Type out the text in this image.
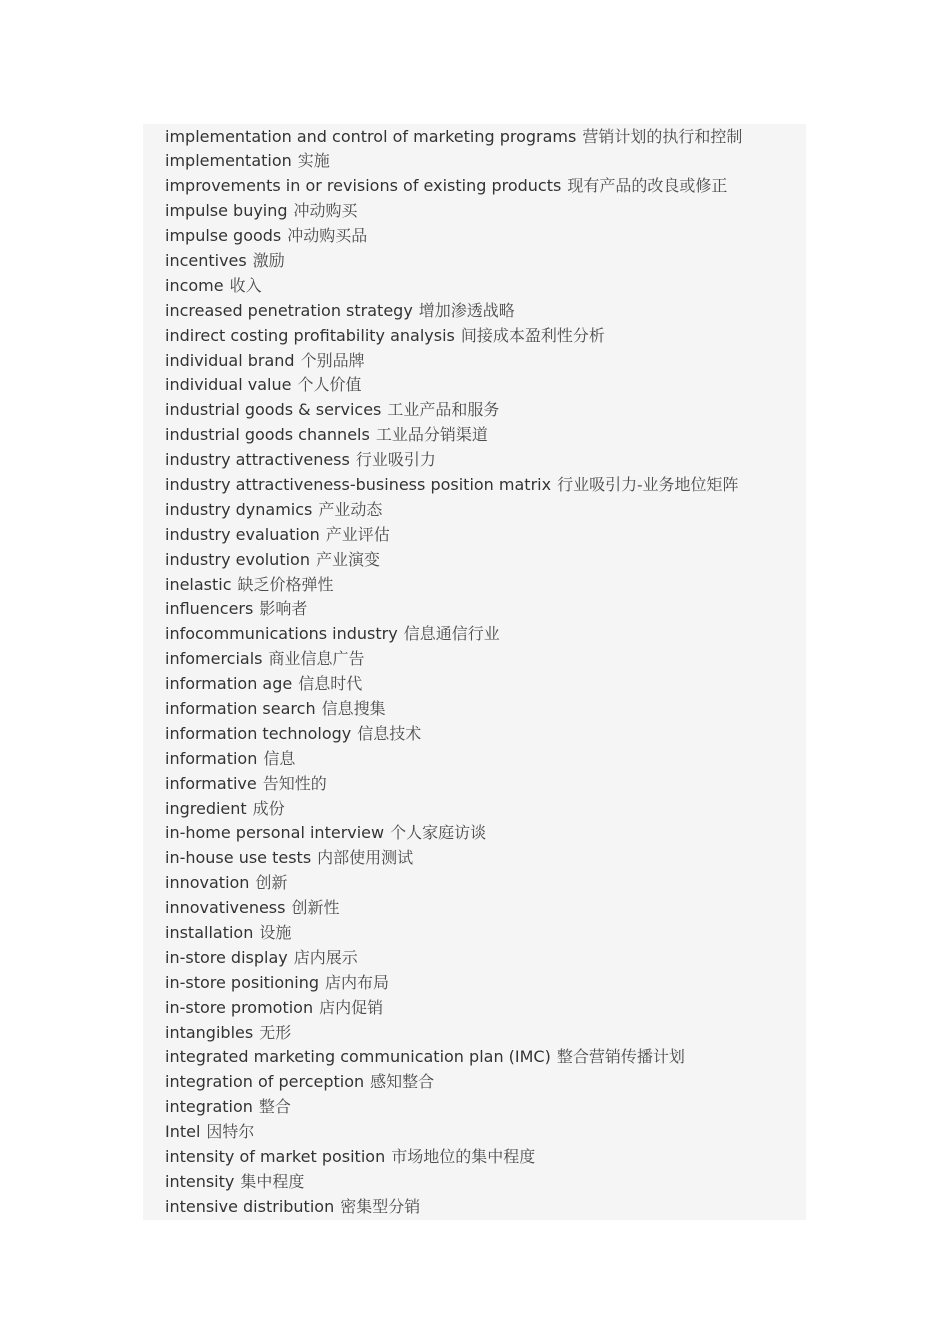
implementation and control of marketing programs 营销计划的执行和控制
implementation 实施
improvements in or revisions of existing products 现有产品的改良或修正
impulse buying 冲动购买
impulse goods 冲动购买品
incentives 激励
income 收入
increased penetration strategy 增加渗透战略
indirect costing profitability analysis 间接成本盈利性分析
individual brand 个别品牌
individual value 个人价值
industrial goods & services 工业产品和服务
industrial goods channels 工业品分销渠道
industry attractiveness 行业吸引力
industry attractiveness-business position matrix 行业吸引力-业务地位矩阵
industry dynamics 产业动态
industry evaluation 产业评估
industry evolution 产业演变
inelastic 缺乏价格弹性
influencers 影响者
infocommunications industry 信息通信行业
infomercials 商业信息广告
information age 信息时代
information search 信息搜集
information technology 信息技术
information 信息
informative 告知性的
ingredient 成份
in-home personal interview 个人家庭访谈
in-house use tests 内部使用测试
innovation 创新
innovativeness 创新性
installation 设施
in-store display 店内展示
in-store positioning 店内布局
in-store promotion 店内促销
intangibles 无形
integrated marketing communication plan (IMC) 整合营销传播计划
integration of perception 感知整合
integration 整合
Intel 因特尔
intensity of market position 市场地位的集中程度
intensity 集中程度
intensive distribution 密集型分销
